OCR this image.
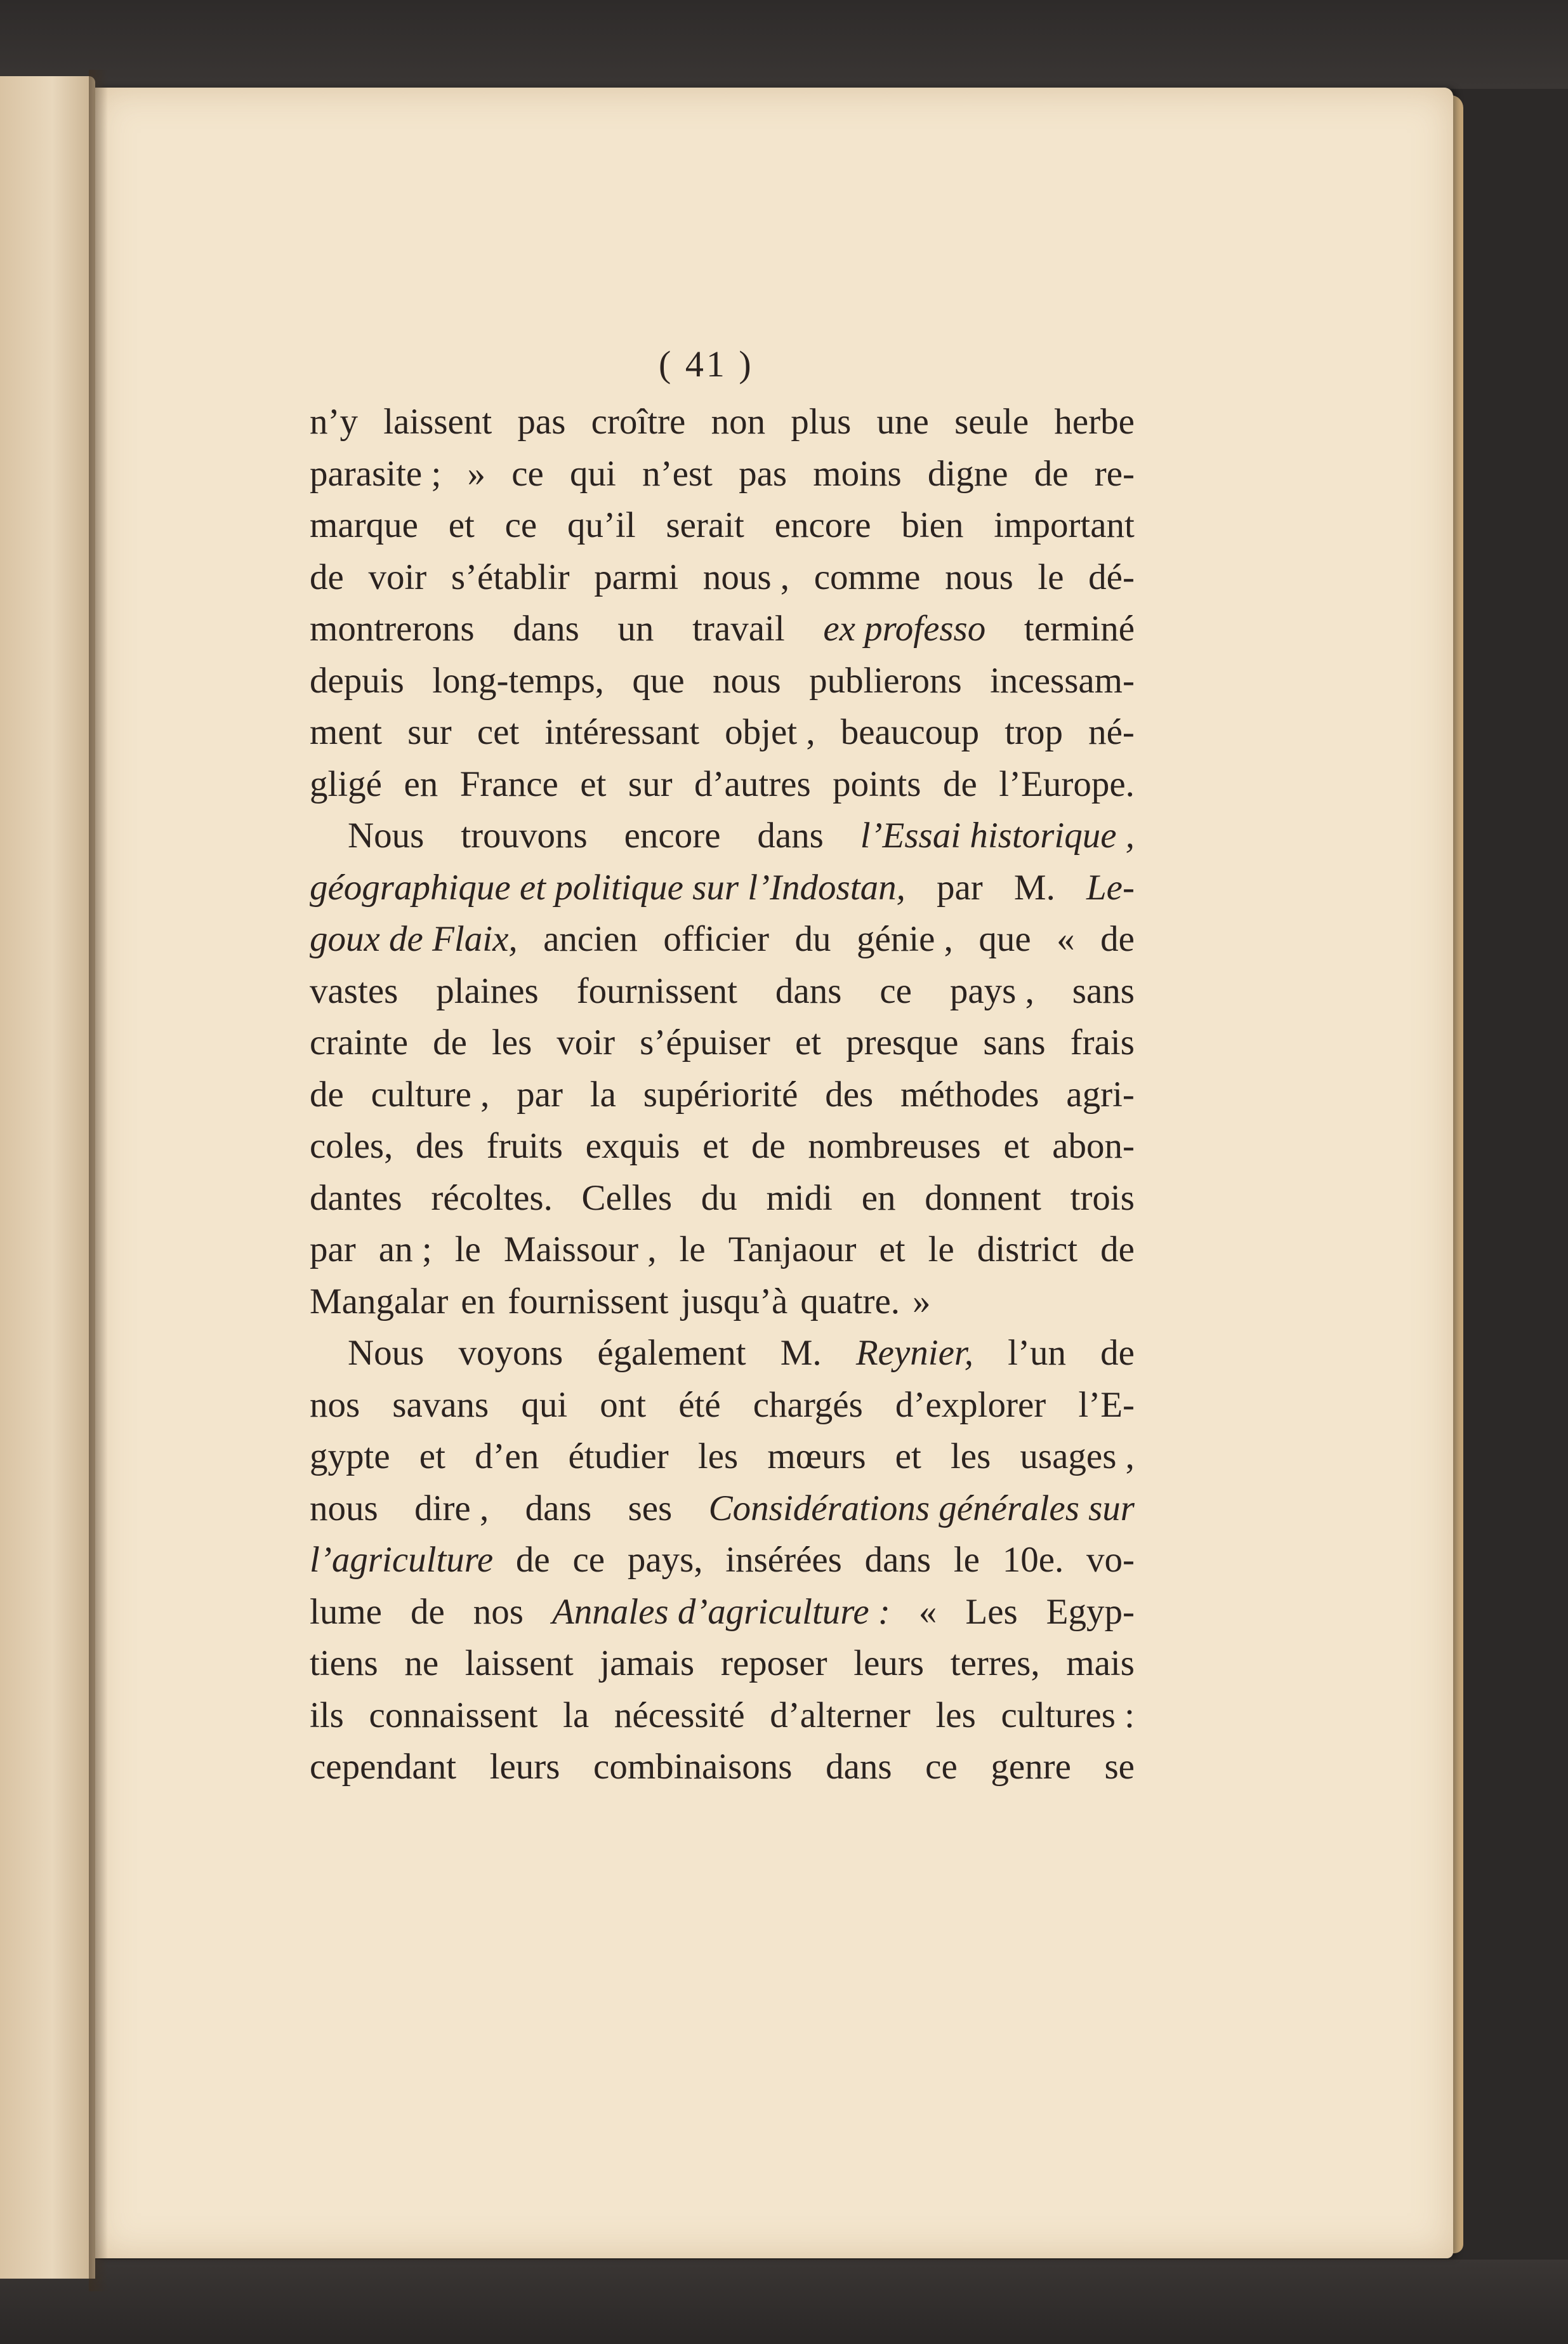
( 41 )
n’y laissent pas croître non plus une seule herbe
parasite ; » ce qui n’est pas moins digne de re-
marque et ce qu’il serait encore bien important
de voir s’établir parmi nous , comme nous le dé-
montrerons dans un travail ex professo terminé
depuis long-temps, que nous publierons incessam-
ment sur cet intéressant objet , beaucoup trop né-
gligé en France et sur d’autres points de l’Europe.
Nous trouvons encore dans l’Essai historique ,
géographique et politique sur l’Indostan, par M. Le-
goux de Flaix, ancien officier du génie , que « de
vastes plaines fournissent dans ce pays , sans
crainte de les voir s’épuiser et presque sans frais
de culture , par la supériorité des méthodes agri-
coles, des fruits exquis et de nombreuses et abon-
dantes récoltes. Celles du midi en donnent trois
par an ; le Maissour , le Tanjaour et le district de
Mangalar en fournissent jusqu’à quatre. »
Nous voyons également M. Reynier, l’un de
nos savans qui ont été chargés d’explorer l’E-
gypte et d’en étudier les mœurs et les usages ,
nous dire , dans ses Considérations générales sur
l’agriculture de ce pays, insérées dans le 10e. vo-
lume de nos Annales d’agriculture : « Les Egyp-
tiens ne laissent jamais reposer leurs terres, mais
ils connaissent la nécessité d’alterner les cultures :
cependant leurs combinaisons dans ce genre se
